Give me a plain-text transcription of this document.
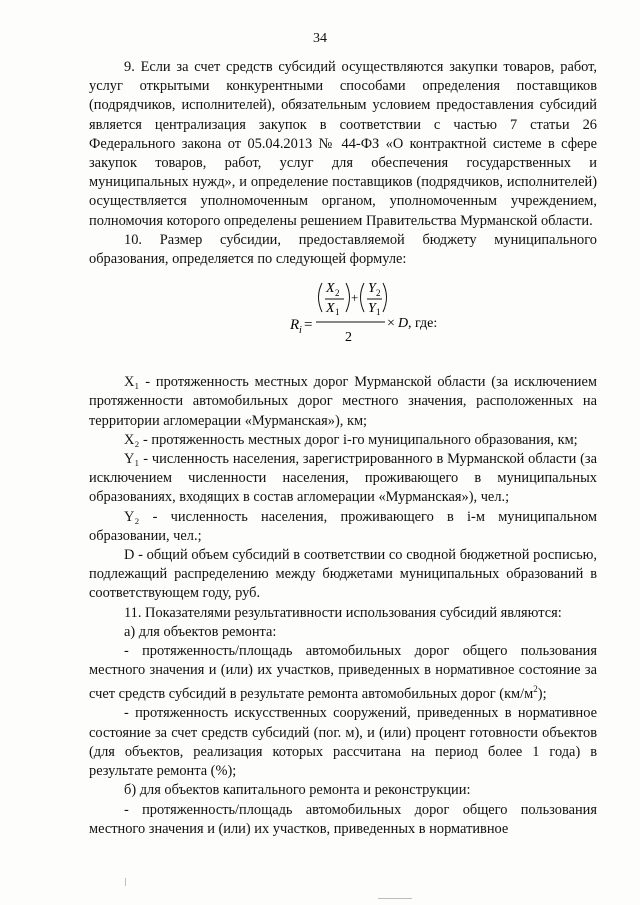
34

9. Если за счет средств субсидий осуществляются закупки товаров, работ, услуг открытыми конкурентными способами определения поставщиков (подрядчиков, исполнителей), обязательным условием предоставления субсидий является централизация закупок в соответствии с частью 7 статьи 26 Федерального закона от 05.04.2013 № 44-ФЗ «О контрактной системе в сфере закупок товаров, работ, услуг для обеспечения государственных и муниципальных нужд», и определение поставщиков (подрядчиков, исполнителей) осуществляется уполномоченным органом, уполномоченным учреждением, полномочия которого определены решением Правительства Мурманской области.

10. Размер субсидии, предоставляемой бюджету муниципального образования, определяется по следующей формуле:

R i =
X 2
X 1
+
Y 2
Y 1
2
× D , где:

X₁ - протяженность местных дорог Мурманской области (за исключением протяженности автомобильных дорог местного значения, расположенных на территории агломерации «Мурманская»), км;

X₂ - протяженность местных дорог i-го муниципального образования, км;

Y₁ - численность населения, зарегистрированного в Мурманской области (за исключением численности населения, проживающего в муниципальных образованиях, входящих в состав агломерации «Мурманская»), чел.;

Y₂ - численность населения, проживающего в i-м муниципальном образовании, чел.;

D - общий объем субсидий в соответствии со сводной бюджетной росписью, подлежащий распределению между бюджетами муниципальных образований в соответствующем году, руб.

11. Показателями результативности использования субсидий являются:

а) для объектов ремонта:

- протяженность/площадь автомобильных дорог общего пользования местного значения и (или) их участков, приведенных в нормативное состояние за счет средств субсидий в результате ремонта автомобильных дорог $(км/м^2)$;

- протяженность искусственных сооружений, приведенных в нормативное состояние за счет средств субсидий (пог. м), и (или) процент готовности объектов (для объектов, реализация которых рассчитана на период более 1 года) в результате ремонта (%);

б) для объектов капитального ремонта и реконструкции:

- протяженность/площадь автомобильных дорог общего пользования местного значения и (или) их участков, приведенных в нормативное
